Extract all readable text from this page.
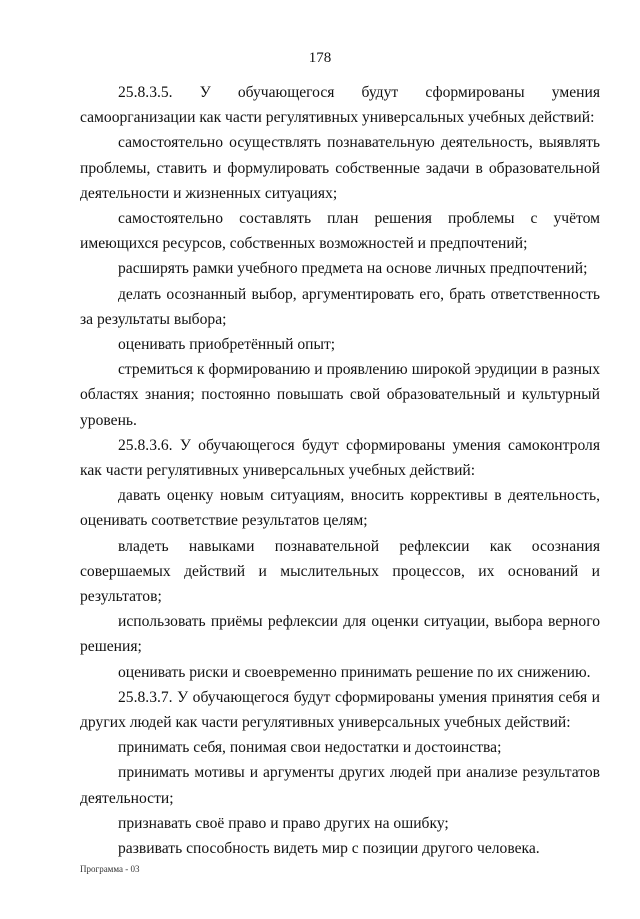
178

25.8.3.5. У обучающегося будут сформированы умения самоорганизации как части регулятивных универсальных учебных действий:

самостоятельно осуществлять познавательную деятельность, выявлять проблемы, ставить и формулировать собственные задачи в образовательной деятельности и жизненных ситуациях;

самостоятельно составлять план решения проблемы с учётом имеющихся ресурсов, собственных возможностей и предпочтений;

расширять рамки учебного предмета на основе личных предпочтений;

делать осознанный выбор, аргументировать его, брать ответственность за результаты выбора;

оценивать приобретённый опыт;

стремиться к формированию и проявлению широкой эрудиции в разных областях знания; постоянно повышать свой образовательный и культурный уровень.

25.8.3.6. У обучающегося будут сформированы умения самоконтроля как части регулятивных универсальных учебных действий:

давать оценку новым ситуациям, вносить коррективы в деятельность, оценивать соответствие результатов целям;

владеть навыками познавательной рефлексии как осознания совершаемых действий и мыслительных процессов, их оснований и результатов;

использовать приёмы рефлексии для оценки ситуации, выбора верного решения;

оценивать риски и своевременно принимать решение по их снижению.

25.8.3.7. У обучающегося будут сформированы умения принятия себя и других людей как части регулятивных универсальных учебных действий:

принимать себя, понимая свои недостатки и достоинства;

принимать мотивы и аргументы других людей при анализе результатов деятельности;

признавать своё право и право других на ошибку;

развивать способность видеть мир с позиции другого человека.

Программа - 03
